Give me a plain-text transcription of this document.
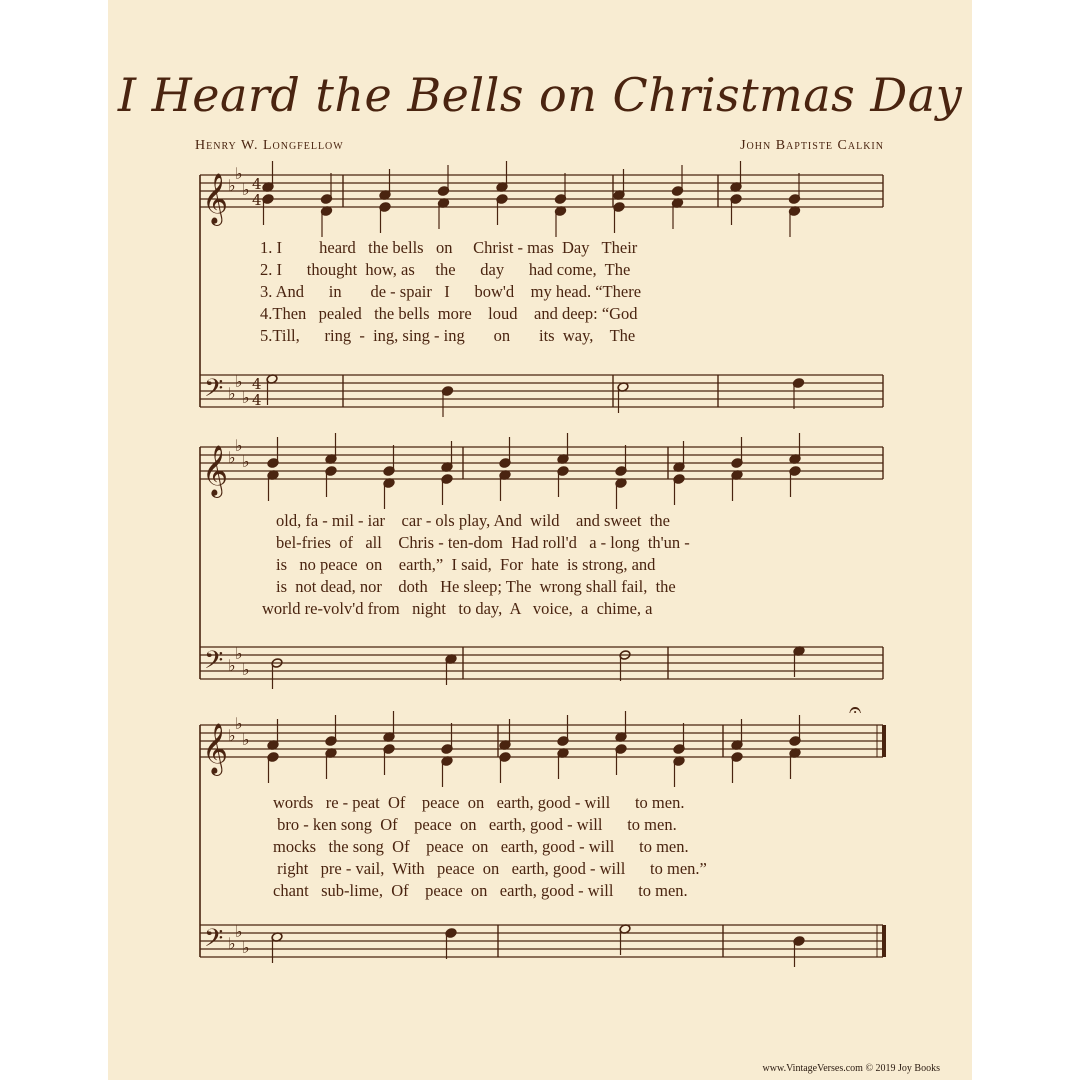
I Heard the Bells on Christmas Day
Henry W. Longfellow	John Baptiste Calkin
𝄞
𝄢
♭
♭
♭
♭
♭
♭
4
4
4
4
𝄞
𝄢
♭
♭
♭
♭
♭
♭
𝄞
𝄢
♭
♭
♭
♭
♭
♭
𝄐
1. I         heard   the bells   on     Christ - mas  Day   Their
2. I      thought  how, as     the      day      had come,  The
3. And      in       de - spair   I      bow'd    my head. “There
4.Then   pealed   the bells  more    loud    and deep: “God
5.Till,      ring  -  ing, sing - ing       on       its  way,    The
old, fa - mil - iar    car - ols play, And  wild    and sweet  the
bel-fries  of   all    Chris - ten-dom  Had roll'd   a - long  th'un -
is   no peace  on    earth,”  I said,  For  hate  is strong, and
is  not dead, nor    doth   He sleep; The  wrong shall fail,  the
world re-volv'd from   night   to day,  A   voice,  a  chime, a
words   re - peat  Of    peace  on   earth, good - will      to men.
bro - ken song  Of    peace  on   earth, good - will      to men.
mocks   the song  Of    peace  on   earth, good - will      to men.
right   pre - vail,  With   peace  on   earth, good - will      to men.”
chant   sub-lime,  Of    peace  on   earth, good - will      to men.
www.VintageVerses.com © 2019 Joy Books
